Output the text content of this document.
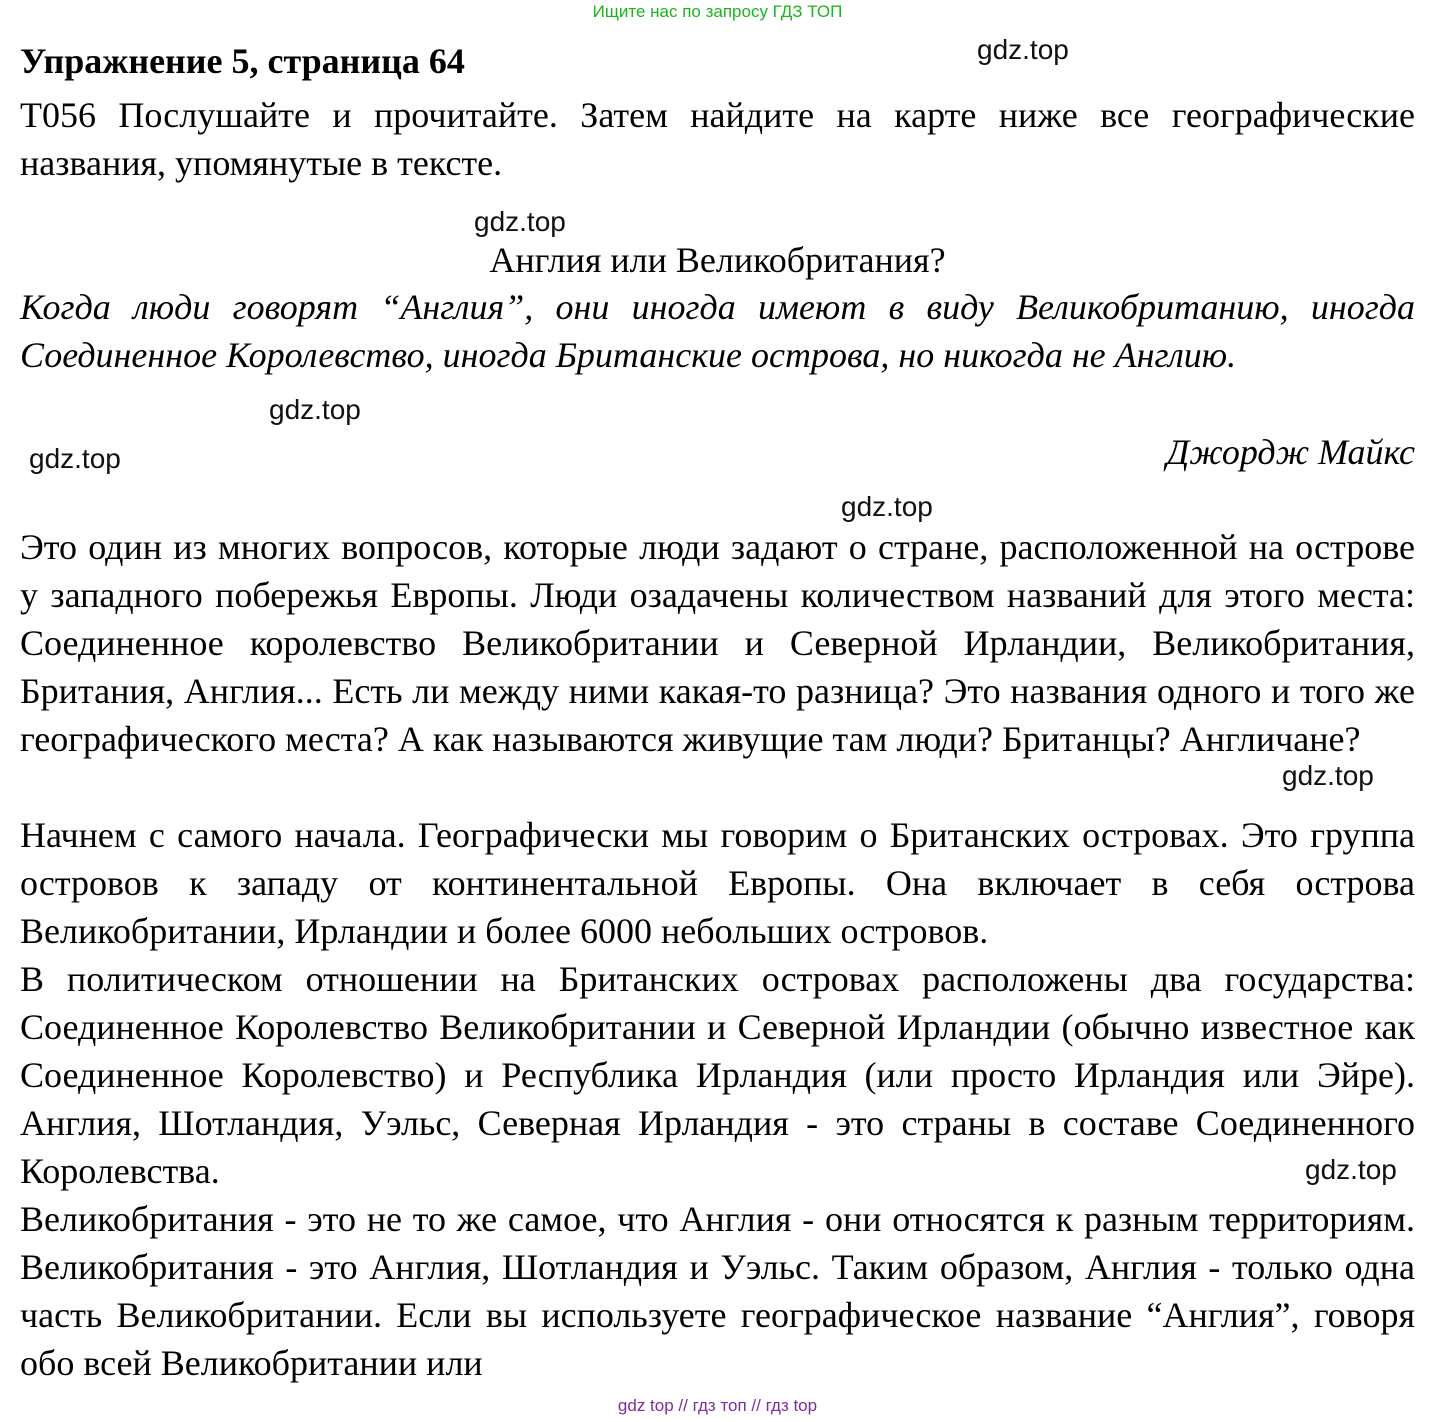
Ищите нас по запросу ГДЗ ТОП
Упражнение 5, страница 64

T056 Послушайте и прочитайте. Затем найдите на карте ниже все географические названия, упомянутые в тексте.

Англия или Великобритания?

Когда люди говорят “Англия”, они иногда имеют в виду Великобританию, иногда Соединенное Королевство, иногда Британские острова, но никогда не Англию.

Джордж Майкс

Это один из многих вопросов, которые люди задают о стране, расположенной на острове у западного побережья Европы. Люди озадачены количеством названий для этого места: Соединенное королевство Великобритании и Северной Ирландии, Великобритания, Британия, Англия... Есть ли между ними какая-то разница? Это названия одного и того же географического места? А как называются живущие там люди? Британцы? Англичане?

Начнем с самого начала. Географически мы говорим о Британских островах. Это группа островов к западу от континентальной Европы. Она включает в себя острова Великобритании, Ирландии и более 6000 небольших островов.

В политическом отношении на Британских островах расположены два государства: Соединенное Королевство Великобритании и Северной Ирландии (обычно известное как Соединенное Королевство) и Республика Ирландия (или просто Ирландия или Эйре). Англия, Шотландия, Уэльс, Северная Ирландия - это страны в составе Соединенного Королевства.

Великобритания - это не то же самое, что Англия - они относятся к разным территориям. Великобритания - это Англия, Шотландия и Уэльс. Таким образом, Англия - только одна часть Великобритании. Если вы используете географическое название “Англия”, говоря обо всей Великобритании или

gdz.top
gdz.top
gdz.top
gdz.top
gdz.top
gdz.top
gdz.top
gdz top // гдз топ // гдз top
